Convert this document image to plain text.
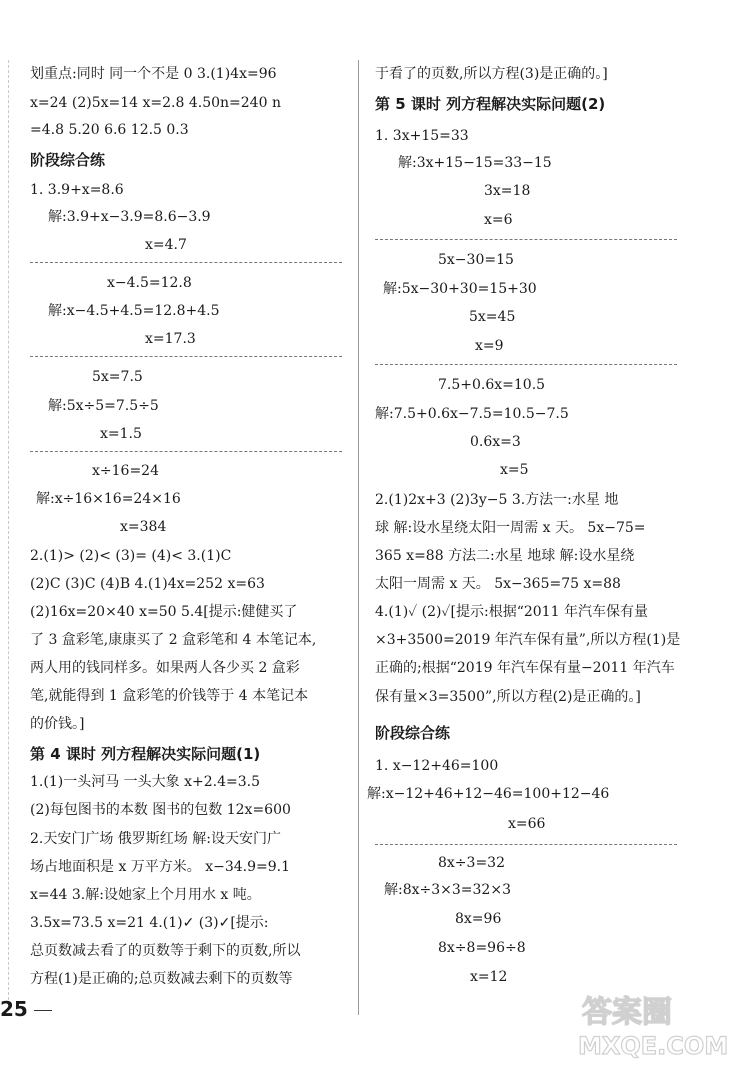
划重点:同时 同一个不是 0 3.(1)4x=96
x=24 (2)5x=14 x=2.8 4.50n=240 n
=4.8 5.20 6.6 12.5 0.3
阶段综合练
1. 3.9+x=8.6
解:3.9+x−3.9=8.6−3.9
x=4.7
x−4.5=12.8
解:x−4.5+4.5=12.8+4.5
x=17.3
5x=7.5
解:5x÷5=7.5÷5
x=1.5
x÷16=24
解:x÷16×16=24×16
x=384
2.(1)> (2)< (3)= (4)< 3.(1)C
(2)C (3)C (4)B 4.(1)4x=252 x=63
(2)16x=20×40 x=50 5.4[提示:健健买了
了 3 盒彩笔,康康买了 2 盒彩笔和 4 本笔记本,
两人用的钱同样多。如果两人各少买 2 盒彩
笔,就能得到 1 盒彩笔的价钱等于 4 本笔记本
的价钱。]
第 4 课时 列方程解决实际问题(1)
1.(1)一头河马 一头大象 x+2.4=3.5
(2)每包图书的本数 图书的包数 12x=600
2.天安门广场 俄罗斯红场 解:设天安门广
场占地面积是 x 万平方米。 x−34.9=9.1
x=44 3.解:设她家上个月用水 x 吨。
3.5x=73.5 x=21 4.(1)✓ (3)✓[提示:
总页数减去看了的页数等于剩下的页数,所以
方程(1)是正确的;总页数减去剩下的页数等
于看了的页数,所以方程(3)是正确的。]
第 5 课时 列方程解决实际问题(2)
1. 3x+15=33
解:3x+15−15=33−15
3x=18
x=6
5x−30=15
解:5x−30+30=15+30
5x=45
x=9
7.5+0.6x=10.5
解:7.5+0.6x−7.5=10.5−7.5
0.6x=3
x=5
2.(1)2x+3 (2)3y−5 3.方法一:水星 地
球 解:设水星绕太阳一周需 x 天。 5x−75=
365 x=88 方法二:水星 地球 解:设水星绕
太阳一周需 x 天。 5x−365=75 x=88
4.(1)✓ (2)✓[提示:根据“2011 年汽车保有量
×3+3500=2019 年汽车保有量”,所以方程(1)是
正确的;根据“2019 年汽车保有量−2011 年汽车
保有量×3=3500”,所以方程(2)是正确的。]
阶段综合练
1. x−12+46=100
解:x−12+46+12−46=100+12−46
x=66
8x÷3=32
解:8x÷3×3=32×3
8x=96
8x÷8=96÷8
x=12
25	答案圈
MXQE.COM
